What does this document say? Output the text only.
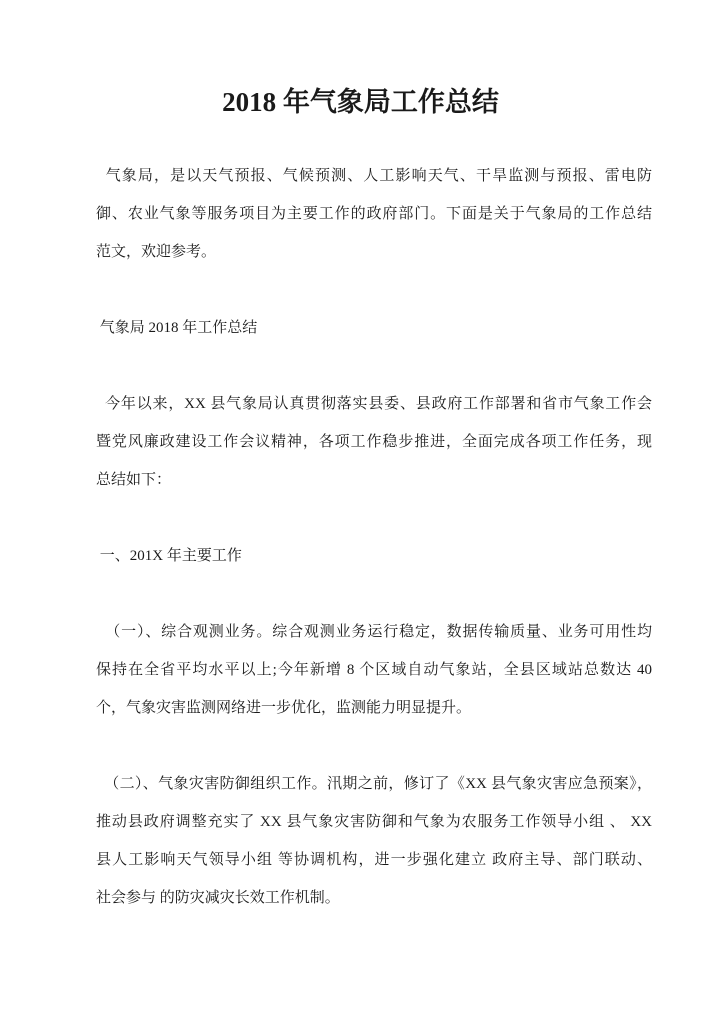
2018 年气象局工作总结
气象局，是以天气预报、气候预测、人工影响天气、干旱监测与预报、雷电防
御、农业气象等服务项目为主要工作的政府部门。下面是关于气象局的工作总结
范文，欢迎参考。
气象局 2018 年工作总结
今年以来，XX 县气象局认真贯彻落实县委、县政府工作部署和省市气象工作会
暨党风廉政建设工作会议精神，各项工作稳步推进，全面完成各项工作任务，现
总结如下：
一、201X 年主要工作
（一）、综合观测业务。综合观测业务运行稳定，数据传输质量、业务可用性均
保持在全省平均水平以上;今年新增 8 个区域自动气象站，全县区域站总数达 40
个，气象灾害监测网络进一步优化，监测能力明显提升。
（二）、气象灾害防御组织工作。汛期之前，修订了《XX 县气象灾害应急预案》，
推动县政府调整充实了 XX 县气象灾害防御和气象为农服务工作领导小组 、 XX
县人工影响天气领导小组 等协调机构，进一步强化建立 政府主导、部门联动、
社会参与 的防灾减灾长效工作机制。
